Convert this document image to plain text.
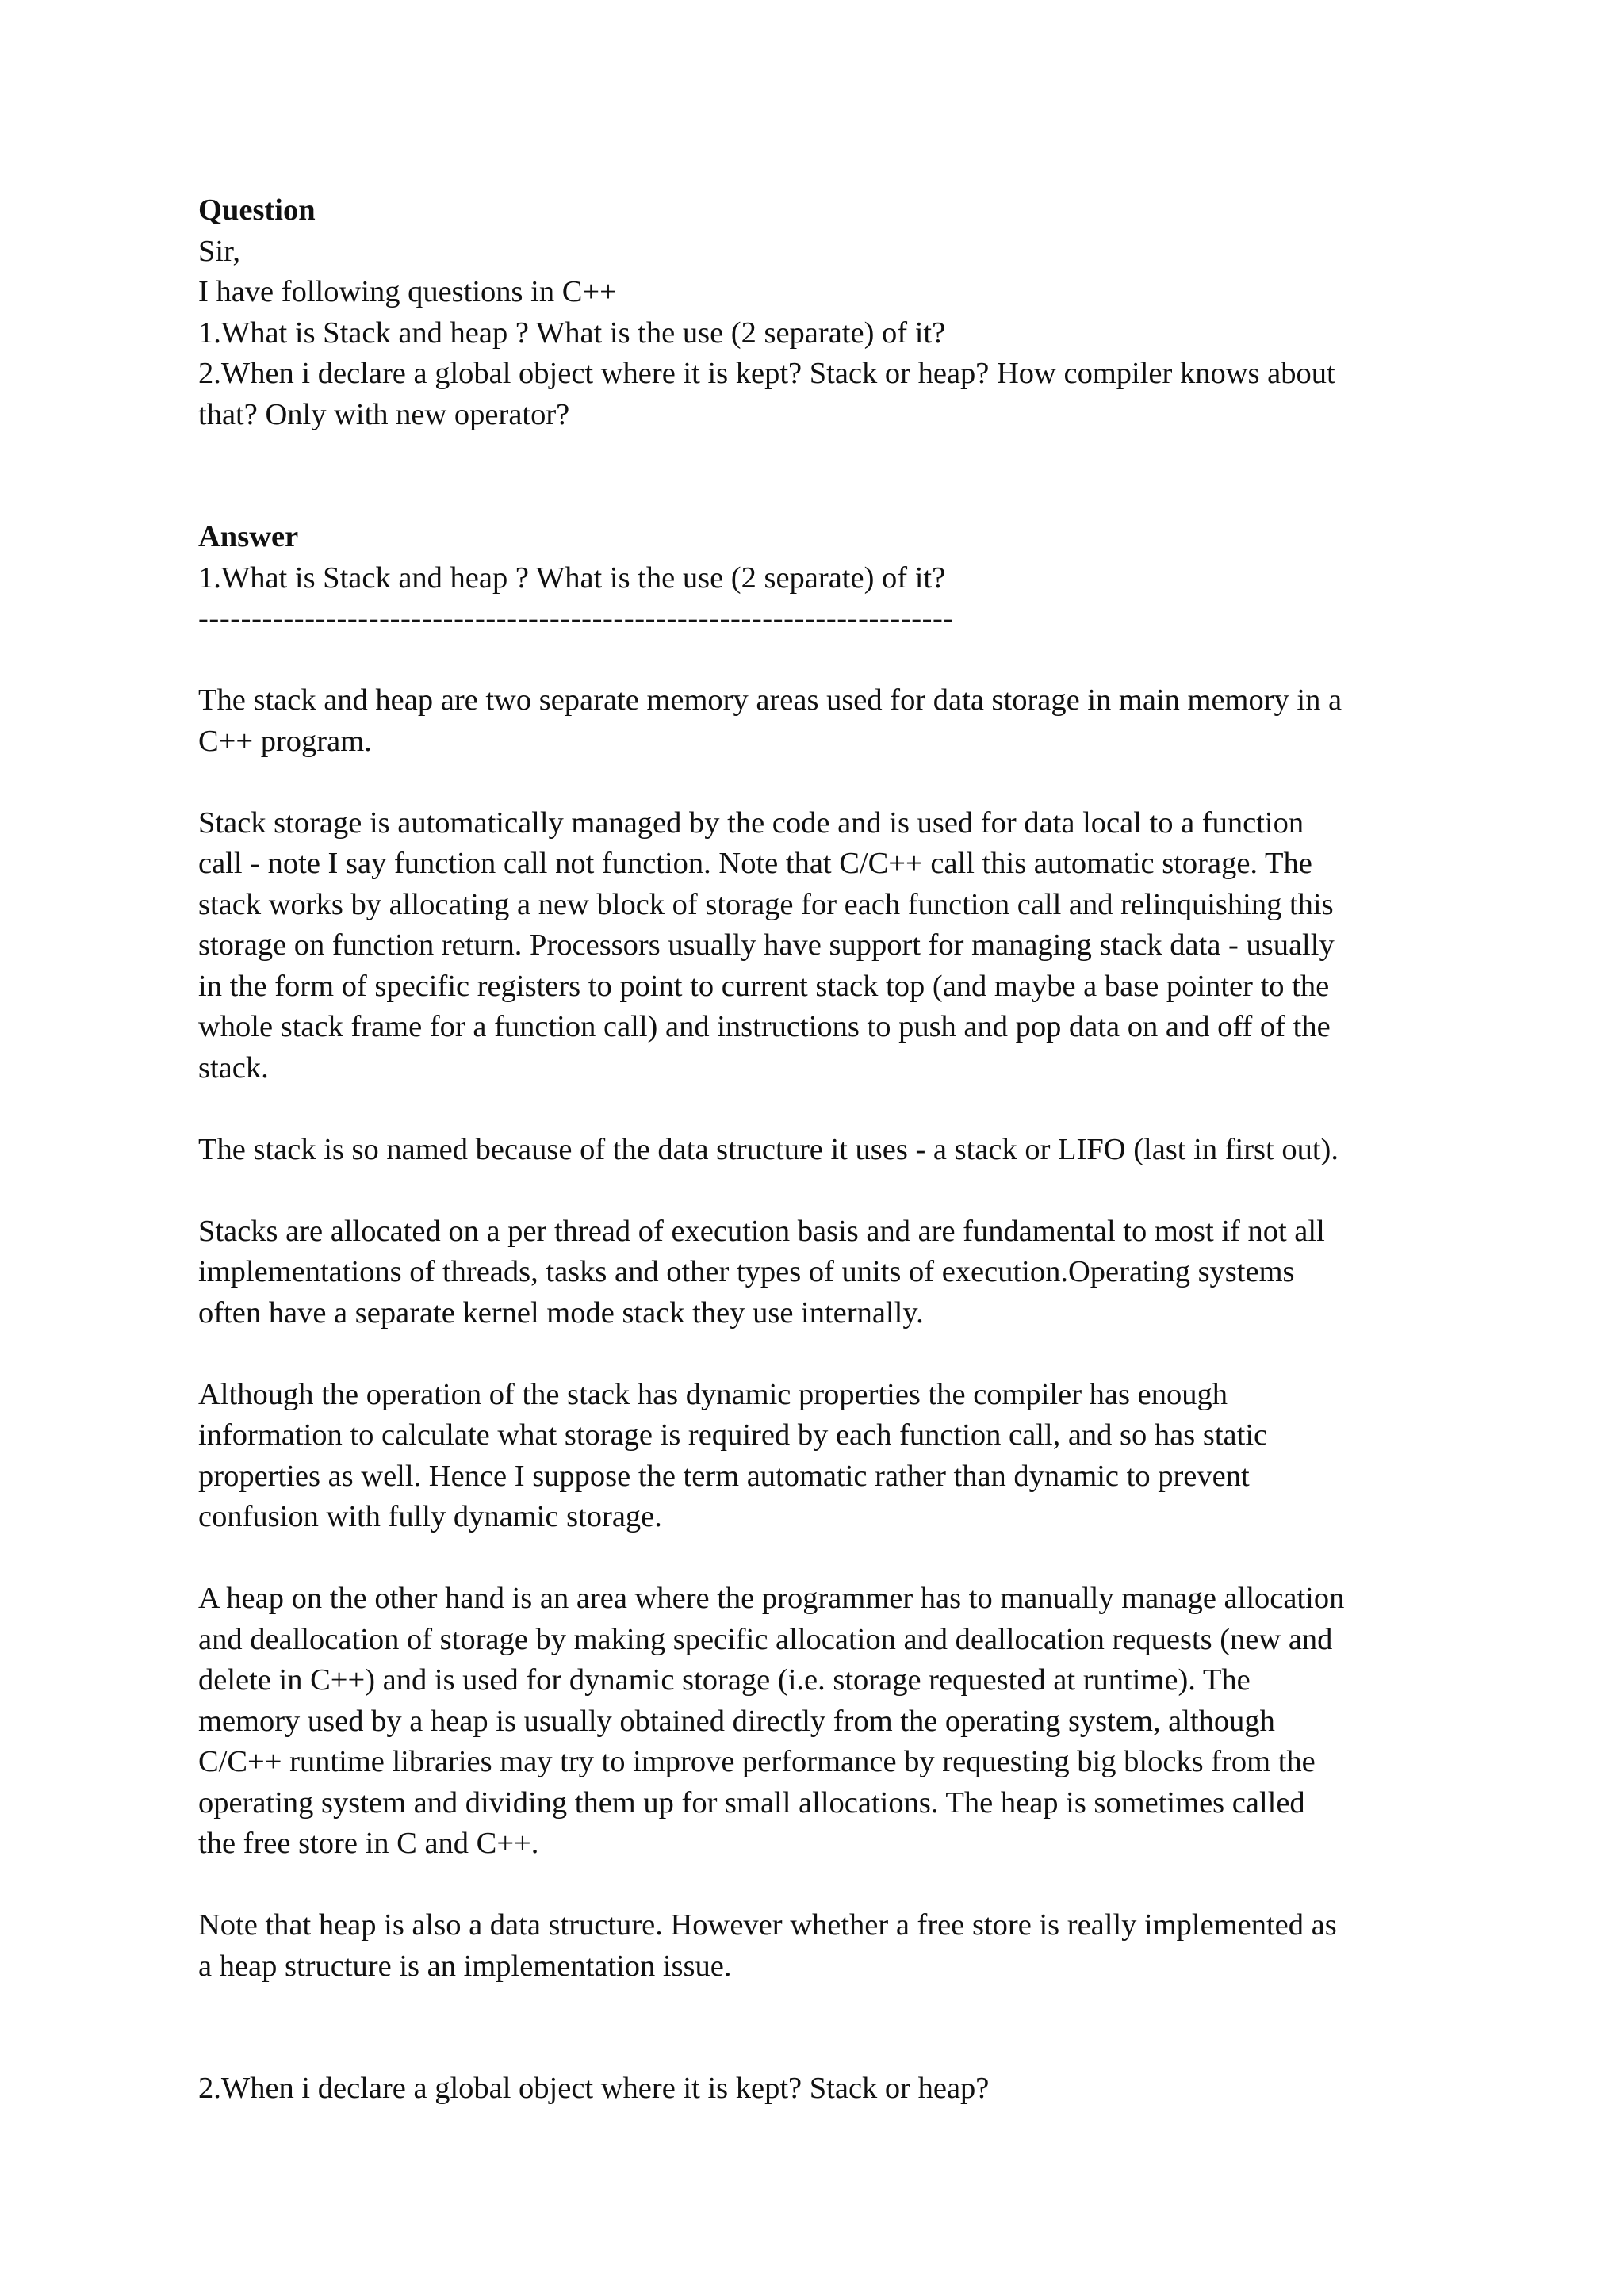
Question
Sir,
I have following questions in C++
1.What is Stack and heap ? What is the use (2 separate) of it?
2.When i declare a global object where it is kept? Stack or heap? How compiler knows about
that? Only with new operator?
Answer
1.What is Stack and heap ? What is the use (2 separate) of it?
-----------------------------------------------------------------------
The stack and heap are two separate memory areas used for data storage in main memory in a
C++ program.
Stack storage is automatically managed by the code and is used for data local to a function
call - note I say function call not function. Note that C/C++ call this automatic storage. The
stack works by allocating a new block of storage for each function call and relinquishing this
storage on function return. Processors usually have support for managing stack data - usually
in the form of specific registers to point to current stack top (and maybe a base pointer to the
whole stack frame for a function call) and instructions to push and pop data on and off of the
stack.
The stack is so named because of the data structure it uses - a stack or LIFO (last in first out).
Stacks are allocated on a per thread of execution basis and are fundamental to most if not all
implementations of threads, tasks and other types of units of execution.Operating systems
often have a separate kernel mode stack they use internally.
Although the operation of the stack has dynamic properties the compiler has enough
information to calculate what storage is required by each function call, and so has static
properties as well. Hence I suppose the term automatic rather than dynamic to prevent
confusion with fully dynamic storage.
A heap on the other hand is an area where the programmer has to manually manage allocation
and deallocation of storage by making specific allocation and deallocation requests (new and
delete in C++) and is used for dynamic storage (i.e. storage requested at runtime). The
memory used by a heap is usually obtained directly from the operating system, although
C/C++ runtime libraries may try to improve performance by requesting big blocks from the
operating system and dividing them up for small allocations. The heap is sometimes called
the free store in C and C++.
Note that heap is also a data structure. However whether a free store is really implemented as
a heap structure is an implementation issue.
2.When i declare a global object where it is kept? Stack or heap?
